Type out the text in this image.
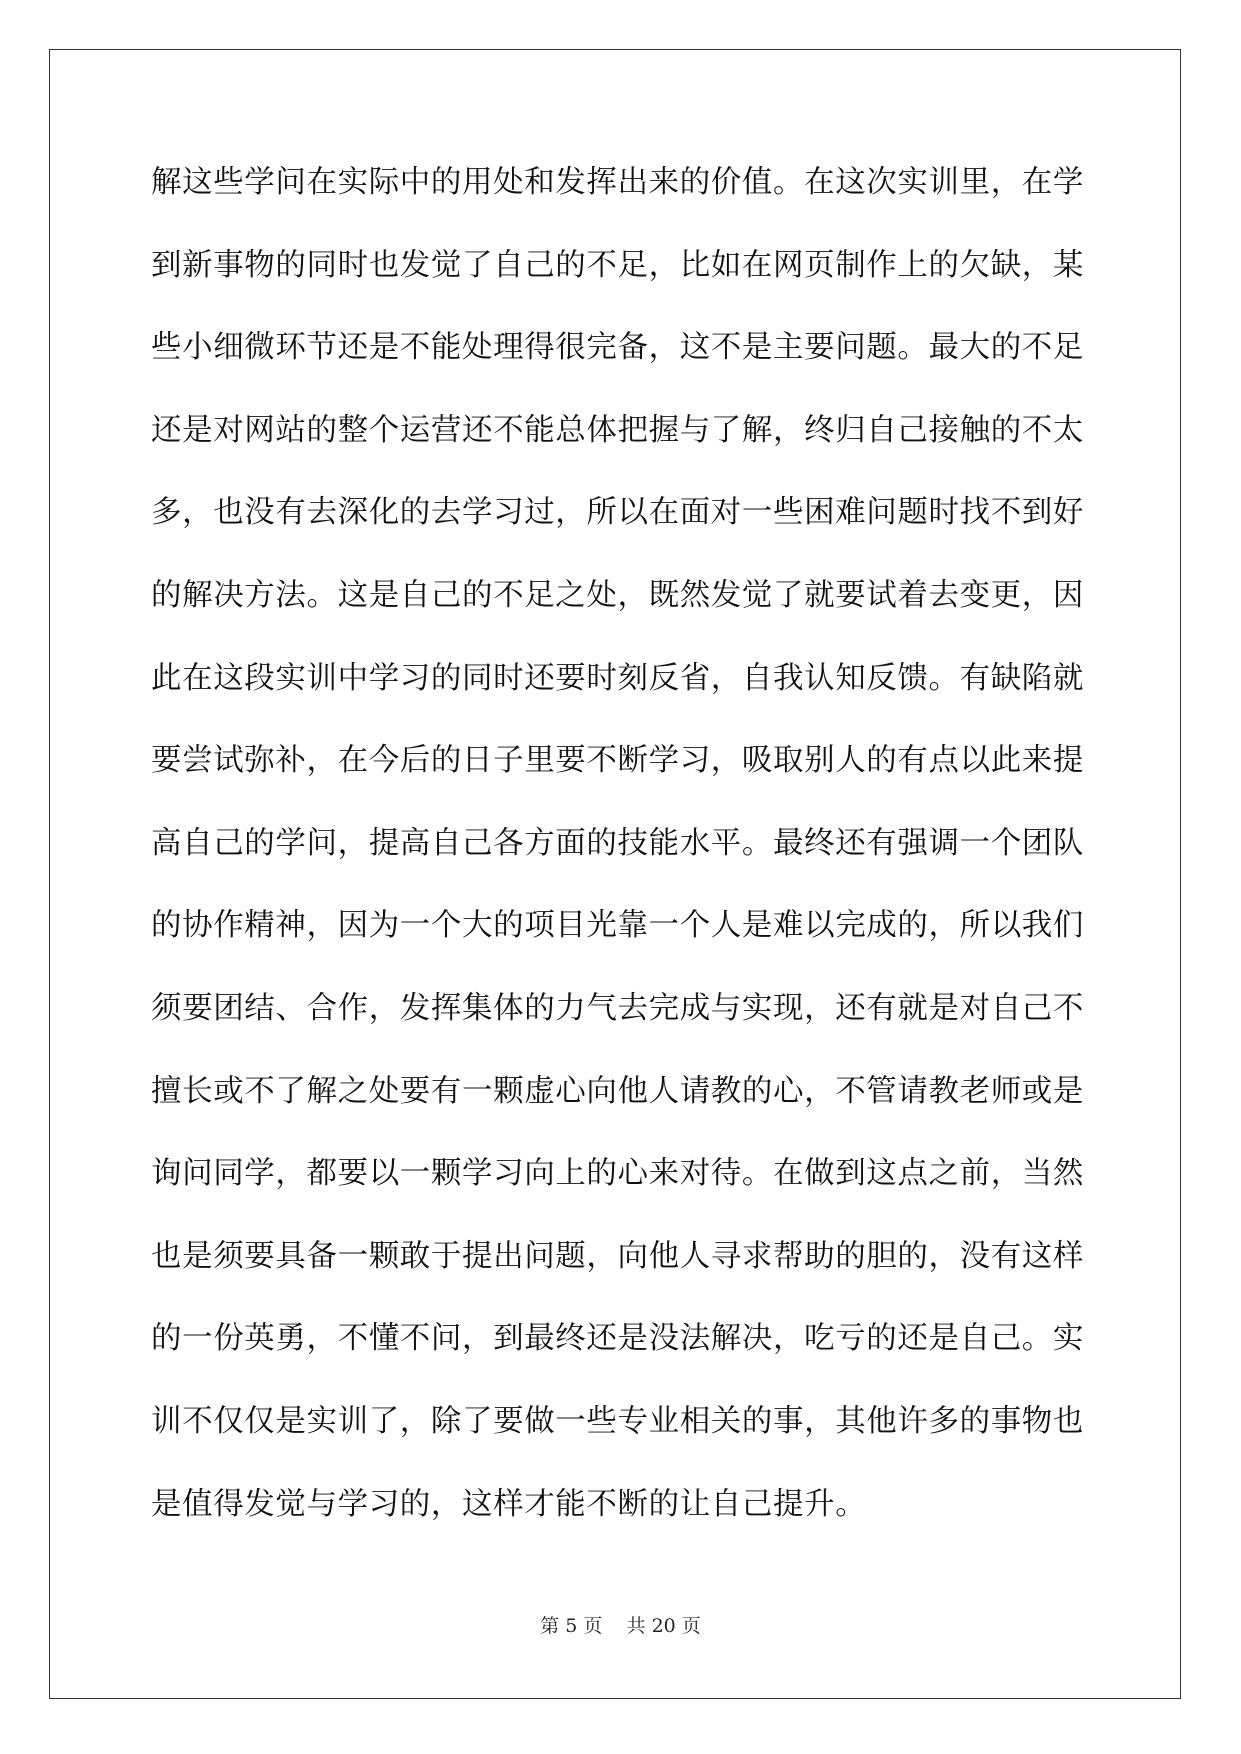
解这些学问在实际中的用处和发挥出来的价值。在这次实训里，在学
到新事物的同时也发觉了自己的不足，比如在网页制作上的欠缺，某
些小细微环节还是不能处理得很完备，这不是主要问题。最大的不足
还是对网站的整个运营还不能总体把握与了解，终归自己接触的不太
多，也没有去深化的去学习过，所以在面对一些困难问题时找不到好
的解决方法。这是自己的不足之处，既然发觉了就要试着去变更，因
此在这段实训中学习的同时还要时刻反省，自我认知反馈。有缺陷就
要尝试弥补，在今后的日子里要不断学习，吸取别人的有点以此来提
高自己的学问，提高自己各方面的技能水平。最终还有强调一个团队
的协作精神，因为一个大的项目光靠一个人是难以完成的，所以我们
须要团结、合作，发挥集体的力气去完成与实现，还有就是对自己不
擅长或不了解之处要有一颗虚心向他人请教的心，不管请教老师或是
询问同学，都要以一颗学习向上的心来对待。在做到这点之前，当然
也是须要具备一颗敢于提出问题，向他人寻求帮助的胆的，没有这样
的一份英勇，不懂不问，到最终还是没法解决，吃亏的还是自己。实
训不仅仅是实训了，除了要做一些专业相关的事，其他许多的事物也
是值得发觉与学习的，这样才能不断的让自己提升。
第 5 页    共 20 页
